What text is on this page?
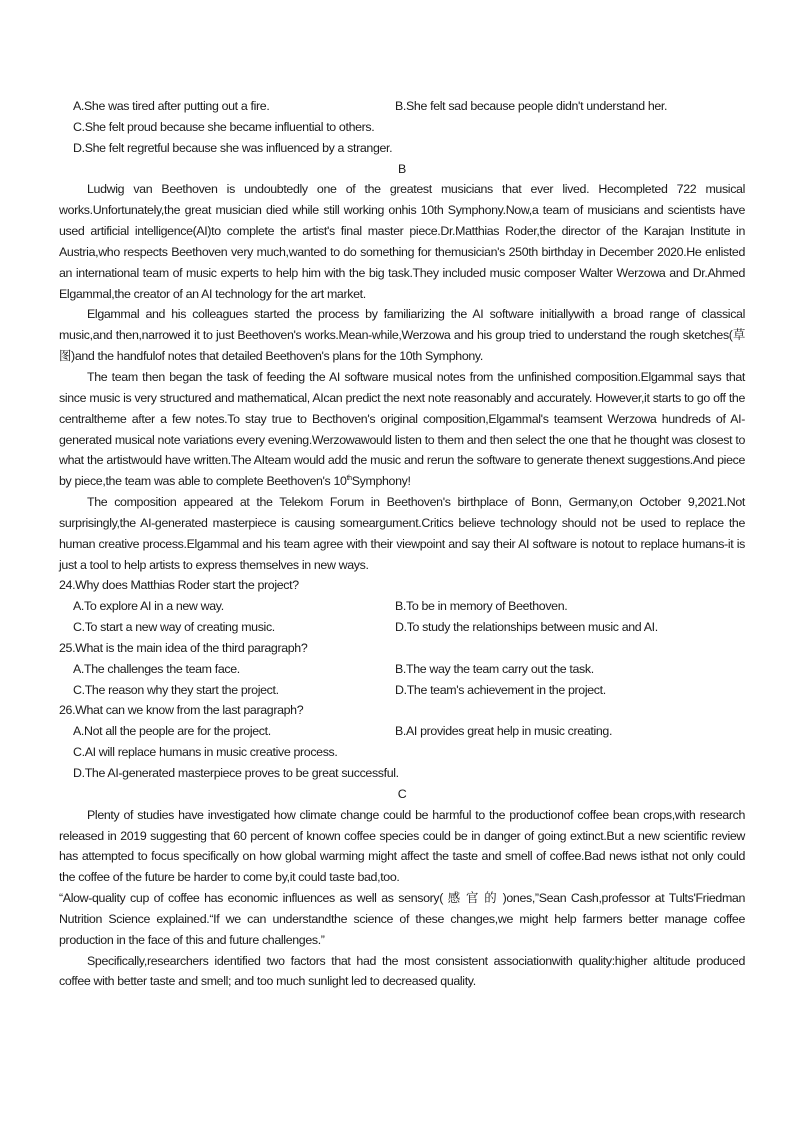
A.She was tired after putting out a fire.	B.She felt sad because people didn't understand her.
C.She felt proud because she became influential to others.
D.She felt regretful because she was influenced by a stranger.
B

Ludwig van Beethoven is undoubtedly one of the greatest musicians that ever lived. Hecompleted 722 musical works.Unfortunately,the great musician died while still working onhis 10th Symphony.Now,a team of musicians and scientists have used artificial intelligence(AI)to complete the artist's final master piece.Dr.Matthias Roder,the director of the Karajan Institute in Austria,who respects Beethoven very much,wanted to do something for themusician's 250th birthday in December 2020.He enlisted an international team of music experts to help him with the big task.They included music composer Walter Werzowa and Dr.Ahmed Elgammal,the creator of an AI technology for the art market.

Elgammal and his colleagues started the process by familiarizing the AI software initiallywith a broad range of classical music,and then,narrowed it to just Beethoven's works.Mean-while,Werzowa and his group tried to understand the rough sketches(草图)and the handfulof notes that detailed Beethoven's plans for the 10th Symphony.

The team then began the task of feeding the AI software musical notes from the unfinished composition.Elgammal says that since music is very structured and mathematical, AIcan predict the next note reasonably and accurately. However,it starts to go off the centraltheme after a few notes.To stay true to Becthoven's original composition,Elgammal's teamsent Werzowa hundreds of AI-generated musical note variations every evening.Werzowawould listen to them and then select the one that he thought was closest to what the artistwould have written.The AIteam would add the music and rerun the software to generate thenext suggestions.And piece by piece,the team was able to complete Beethoven's 10thSymphony!

The composition appeared at the Telekom Forum in Beethoven's birthplace of Bonn, Germany,on October 9,2021.Not surprisingly,the AI-generated masterpiece is causing someargument.Critics believe technology should not be used to replace the human creative process.Elgammal and his team agree with their viewpoint and say their AI software is notout to replace humans-it is just a tool to help artists to express themselves in new ways.

24.Why does Matthias Roder start the project?
A.To explore AI in a new way.	B.To be in memory of Beethoven.
C.To start a new way of creating music.	D.To study the relationships between music and AI.
25.What is the main idea of the third paragraph?
A.The challenges the team face.	B.The way the team carry out the task.
C.The reason why they start the project.	D.The team's achievement in the project.
26.What can we know from the last paragraph?
A.Not all the people are for the project.	B.AI provides great help in music creating.
C.AI will replace humans in music creative process.
D.The AI-generated masterpiece proves to be great successful.
C

Plenty of studies have investigated how climate change could be harmful to the productionof coffee bean crops,with research released in 2019 suggesting that 60 percent of known coffee species could be in danger of going extinct.But a new scientific review has attempted to focus specifically on how global warming might affect the taste and smell of coffee.Bad news isthat not only could the coffee of the future be harder to come by,it could taste bad,too.

“Alow-quality cup of coffee has economic influences as well as sensory( 感 官 的 )ones,”Sean Cash,professor at Tults'Friedman Nutrition Science explained.“If we can understandthe science of these changes,we might help farmers better manage coffee production in the face of this and future challenges.”

Specifically,researchers identified two factors that had the most consistent associationwith quality:higher altitude produced coffee with better taste and smell; and too much sunlight led to decreased quality.
